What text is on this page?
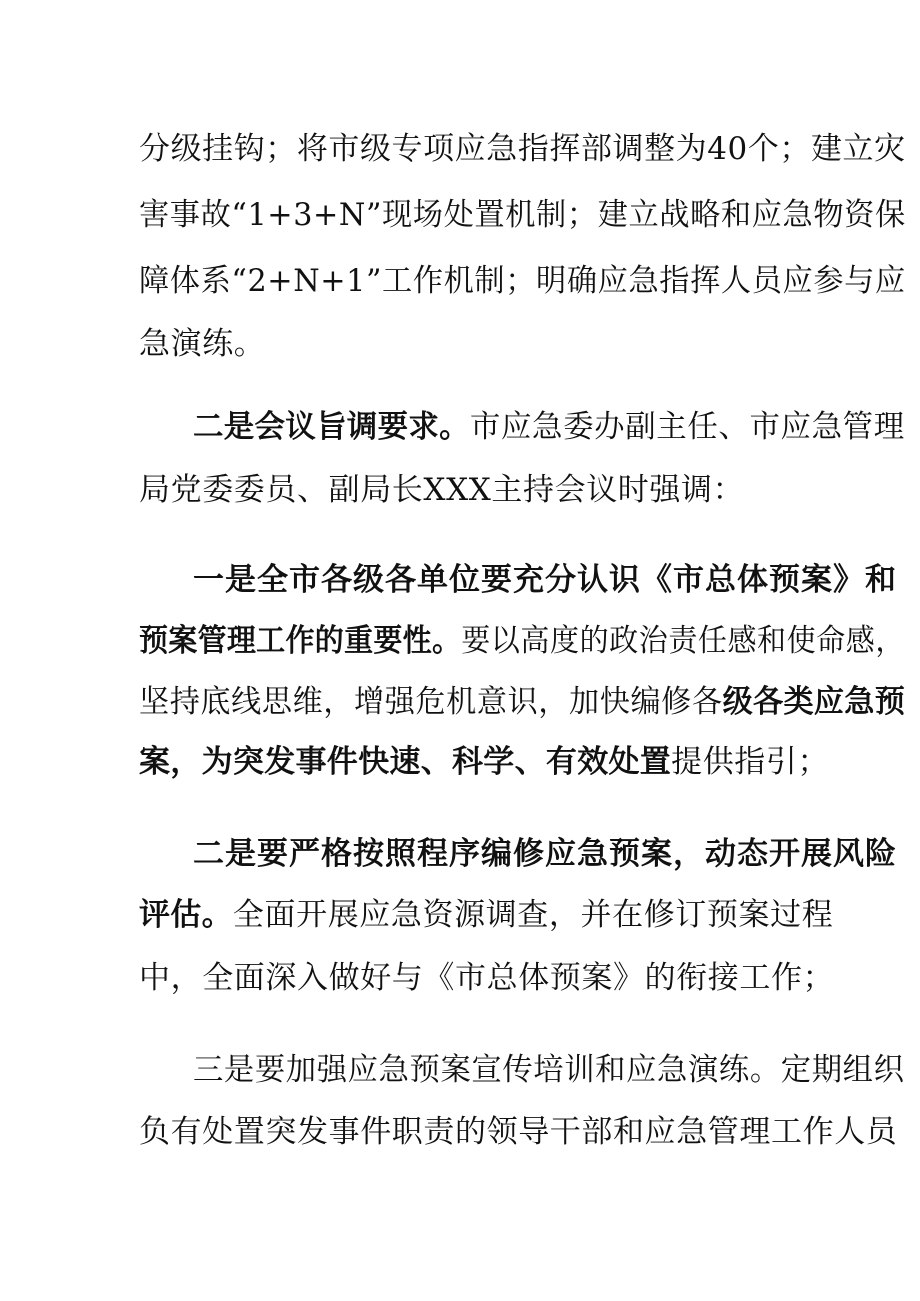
分级挂钩；将市级专项应急指挥部调整为40个；建立灾
害事故“1+3+N”现场处置机制；建立战略和应急物资保
障体系“2+N+1”工作机制；明确应急指挥人员应参与应
急演练。
二是会议旨调要求。市应急委办副主任、市应急管理
局党委委员、副局长XXX主持会议时强调：
一是全市各级各单位要充分认识《市总体预案》和
预案管理工作的重要性。要以高度的政治责任感和使命感，
坚持底线思维，增强危机意识，加快编修各级各类应急预
案，为突发事件快速、科学、有效处置提供指引；
二是要严格按照程序编修应急预案，动态开展风险
评估。全面开展应急资源调查，并在修订预案过程
中，全面深入做好与《市总体预案》的衔接工作；
三是要加强应急预案宣传培训和应急演练。定期组织
负有处置突发事件职责的领导干部和应急管理工作人员
